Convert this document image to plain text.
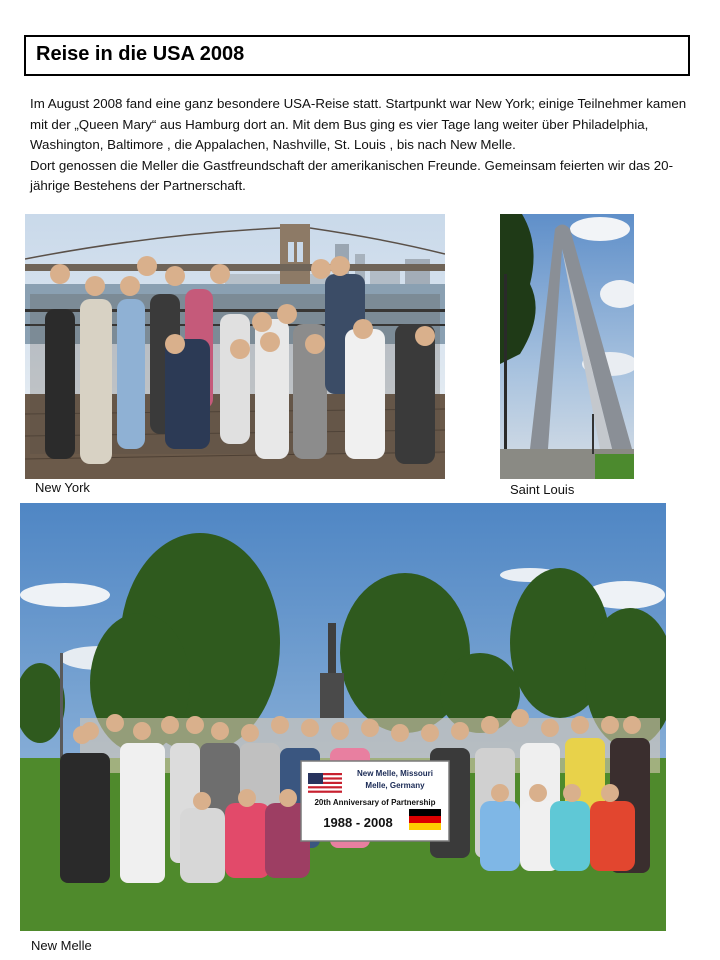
Reise in die USA 2008

Im August 2008 fand eine ganz besondere USA-Reise statt. Startpunkt war New York; einige Teilnehmer kamen mit der „Queen Mary“ aus Hamburg dort an. Mit dem Bus ging es vier Tage lang weiter über Philadelphia, Washington, Baltimore , die Appalachen, Nashville, St. Louis , bis nach New Melle.

Dort genossen die Meller die Gastfreundschaft der amerikanischen Freunde. Gemeinsam feierten wir das 20-jährige Bestehens der Partnerschaft.

New York	Saint Louis
New Melle, Missouri
Melle, Germany
20th Anniversary of Partnership
1988 - 2008
New Melle
